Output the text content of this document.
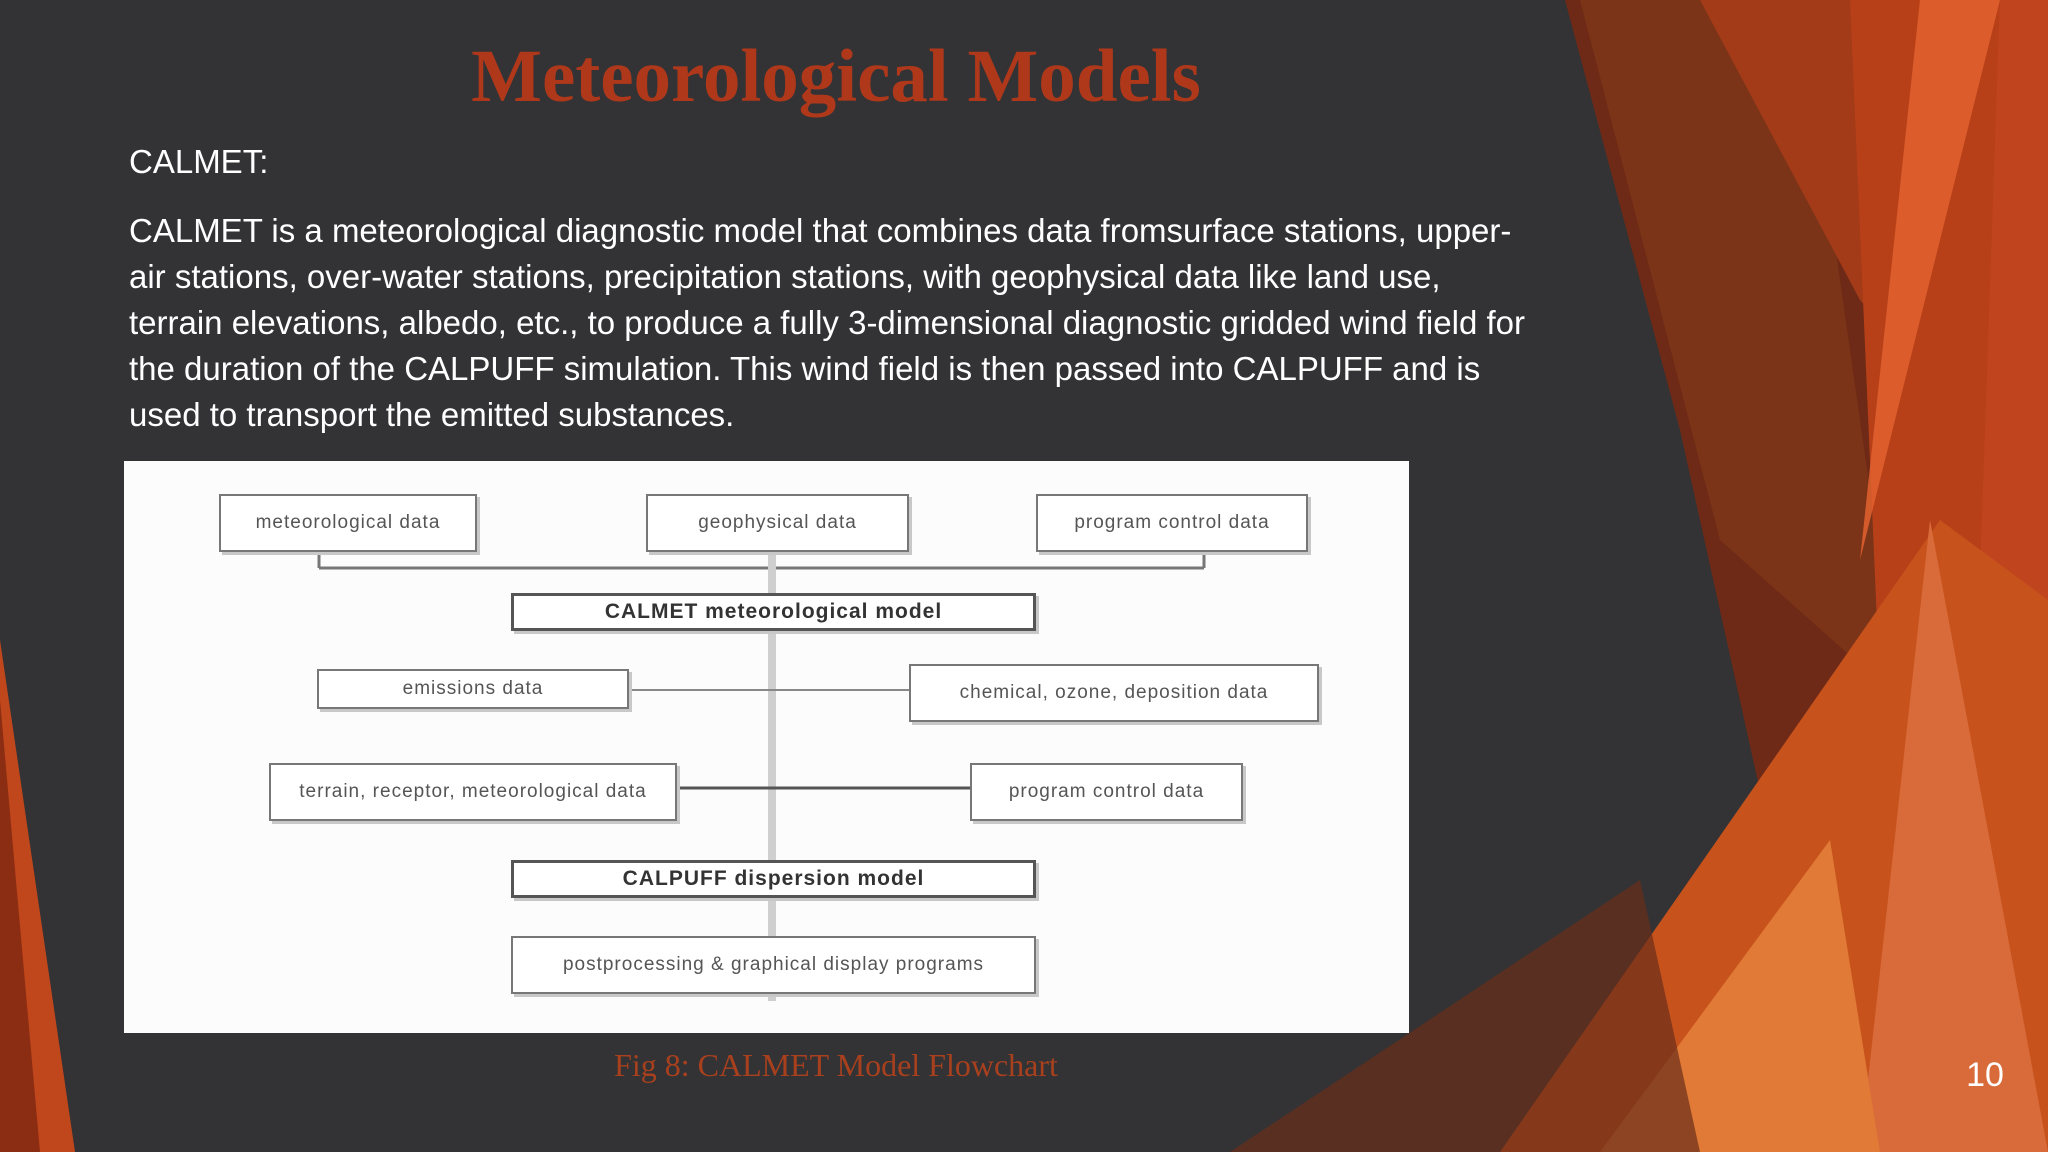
Meteorological Models
CALMET:
CALMET is a meteorological diagnostic model that combines data fromsurface stations, upper-air stations, over-water stations, precipitation stations, with geophysical data like land use, terrain elevations, albedo, etc., to produce a fully 3-dimensional diagnostic gridded wind field for the duration of the CALPUFF simulation. This wind field is then passed into CALPUFF and is used to transport the emitted substances.
meteorological data	geophysical data	program control data
CALMET meteorological model
emissions data	chemical, ozone, deposition data
terrain, receptor, meteorological data	program control data
CALPUFF dispersion model
postprocessing & graphical display programs
Fig 8: CALMET Model Flowchart	10
